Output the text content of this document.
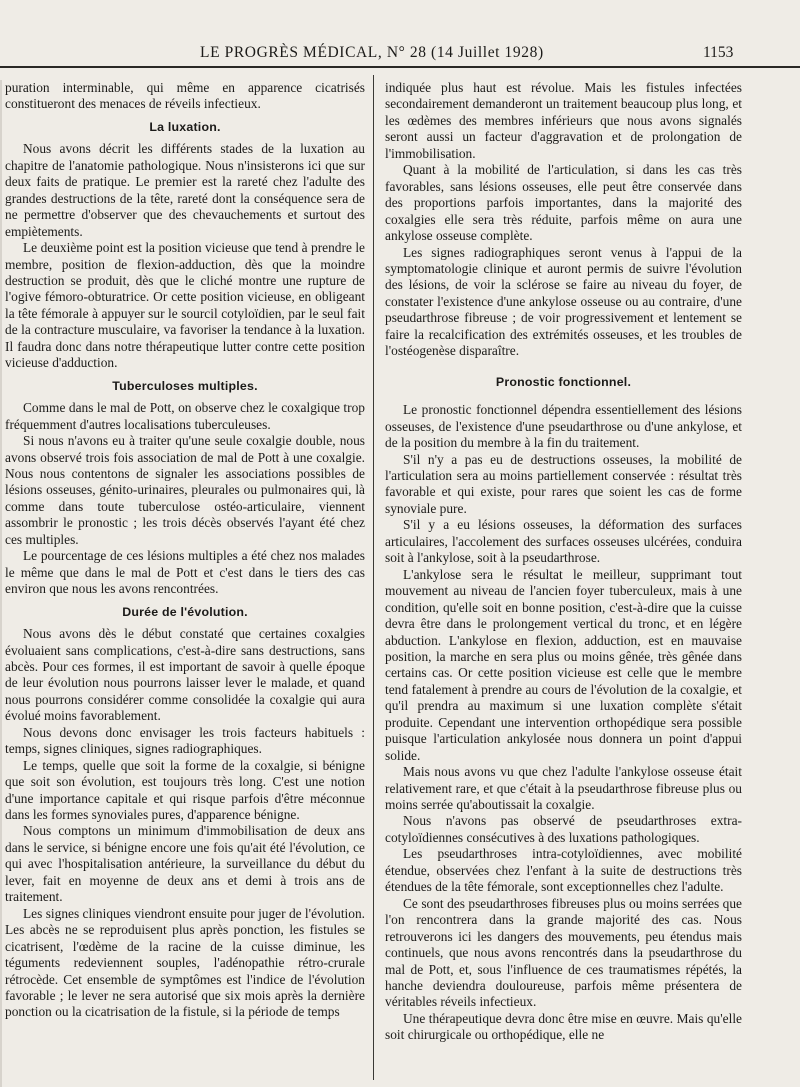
LE PROGRÈS MÉDICAL, N° 28 (14 Juillet 1928)	1153

puration interminable, qui même en apparence cicatrisés constitueront des menaces de réveils infectieux.

La luxation.

Nous avons décrit les différents stades de la luxation au chapitre de l'anatomie pathologique. Nous n'insisterons ici que sur deux faits de pratique. Le premier est la rareté chez l'adulte des grandes destructions de la tête, rareté dont la conséquence sera de ne permettre d'observer que des chevauchements et surtout des empiètements.

Le deuxième point est la position vicieuse que tend à prendre le membre, position de flexion-adduction, dès que la moindre destruction se produit, dès que le cliché montre une rupture de l'ogive fémoro-obturatrice. Or cette position vicieuse, en obligeant la tête fémorale à appuyer sur le sourcil cotyloïdien, par le seul fait de la contracture musculaire, va favoriser la tendance à la luxation. Il faudra donc dans notre thérapeutique lutter contre cette position vicieuse d'adduction.

Tuberculoses multiples.

Comme dans le mal de Pott, on observe chez le coxalgique trop fréquemment d'autres localisations tuberculeuses.

Si nous n'avons eu à traiter qu'une seule coxalgie double, nous avons observé trois fois association de mal de Pott à une coxalgie. Nous nous contentons de signaler les associations possibles de lésions osseuses, génito-urinaires, pleurales ou pulmonaires qui, là comme dans toute tuberculose ostéo-articulaire, viennent assombrir le pronostic ; les trois décès observés l'ayant été chez ces multiples.

Le pourcentage de ces lésions multiples a été chez nos malades le même que dans le mal de Pott et c'est dans le tiers des cas environ que nous les avons rencontrées.

Durée de l'évolution.

Nous avons dès le début constaté que certaines coxalgies évoluaient sans complications, c'est-à-dire sans destructions, sans abcès. Pour ces formes, il est important de savoir à quelle époque de leur évolution nous pourrons laisser lever le malade, et quand nous pourrons considérer comme consolidée la coxalgie qui aura évolué moins favorablement.

Nous devons donc envisager les trois facteurs habituels : temps, signes cliniques, signes radiographiques.

Le temps, quelle que soit la forme de la coxalgie, si bénigne que soit son évolution, est toujours très long. C'est une notion d'une importance capitale et qui risque parfois d'être méconnue dans les formes synoviales pures, d'apparence bénigne.

Nous comptons un minimum d'immobilisation de deux ans dans le service, si bénigne encore une fois qu'ait été l'évolution, ce qui avec l'hospitalisation antérieure, la surveillance du début du lever, fait en moyenne de deux ans et demi à trois ans de traitement.

Les signes cliniques viendront ensuite pour juger de l'évolution. Les abcès ne se reproduisent plus après ponction, les fistules se cicatrisent, l'œdème de la racine de la cuisse diminue, les téguments redeviennent souples, l'adénopathie rétro-crurale rétrocède. Cet ensemble de symptômes est l'indice de l'évolution favorable ; le lever ne sera autorisé que six mois après la dernière ponction ou la cicatrisation de la fistule, si la période de temps

indiquée plus haut est révolue. Mais les fistules infectées secondairement demanderont un traitement beaucoup plus long, et les œdèmes des membres inférieurs que nous avons signalés seront aussi un facteur d'aggravation et de prolongation de l'immobilisation.

Quant à la mobilité de l'articulation, si dans les cas très favorables, sans lésions osseuses, elle peut être conservée dans des proportions parfois importantes, dans la majorité des coxalgies elle sera très réduite, parfois même on aura une ankylose osseuse complète.

Les signes radiographiques seront venus à l'appui de la symptomatologie clinique et auront permis de suivre l'évolution des lésions, de voir la sclérose se faire au niveau du foyer, de constater l'existence d'une ankylose osseuse ou au contraire, d'une pseudarthrose fibreuse ; de voir progressivement et lentement se faire la recalcification des extrémités osseuses, et les troubles de l'ostéogenèse disparaître.

Pronostic fonctionnel.

Le pronostic fonctionnel dépendra essentiellement des lésions osseuses, de l'existence d'une pseudarthrose ou d'une ankylose, et de la position du membre à la fin du traitement.

S'il n'y a pas eu de destructions osseuses, la mobilité de l'articulation sera au moins partiellement conservée : résultat très favorable et qui existe, pour rares que soient les cas de forme synoviale pure.

S'il y a eu lésions osseuses, la déformation des surfaces articulaires, l'accolement des surfaces osseuses ulcérées, conduira soit à l'ankylose, soit à la pseudarthrose.

L'ankylose sera le résultat le meilleur, supprimant tout mouvement au niveau de l'ancien foyer tuberculeux, mais à une condition, qu'elle soit en bonne position, c'est-à-dire que la cuisse devra être dans le prolongement vertical du tronc, et en légère abduction. L'ankylose en flexion, adduction, est en mauvaise position, la marche en sera plus ou moins gênée, très gênée dans certains cas. Or cette position vicieuse est celle que le membre tend fatalement à prendre au cours de l'évolution de la coxalgie, et qu'il prendra au maximum si une luxation complète s'était produite. Cependant une intervention orthopédique sera possible puisque l'articulation ankylosée nous donnera un point d'appui solide.

Mais nous avons vu que chez l'adulte l'ankylose osseuse était relativement rare, et que c'était à la pseudarthrose fibreuse plus ou moins serrée qu'aboutissait la coxalgie.

Nous n'avons pas observé de pseudarthroses extra-cotyloïdiennes consécutives à des luxations pathologiques.

Les pseudarthroses intra-cotyloïdiennes, avec mobilité étendue, observées chez l'enfant à la suite de destructions très étendues de la tête fémorale, sont exceptionnelles chez l'adulte.

Ce sont des pseudarthroses fibreuses plus ou moins serrées que l'on rencontrera dans la grande majorité des cas. Nous retrouverons ici les dangers des mouvements, peu étendus mais continuels, que nous avons rencontrés dans la pseudarthrose du mal de Pott, et, sous l'influence de ces traumatismes répétés, la hanche deviendra douloureuse, parfois même présentera de véritables réveils infectieux.

Une thérapeutique devra donc être mise en œuvre. Mais qu'elle soit chirurgicale ou orthopédique, elle ne
